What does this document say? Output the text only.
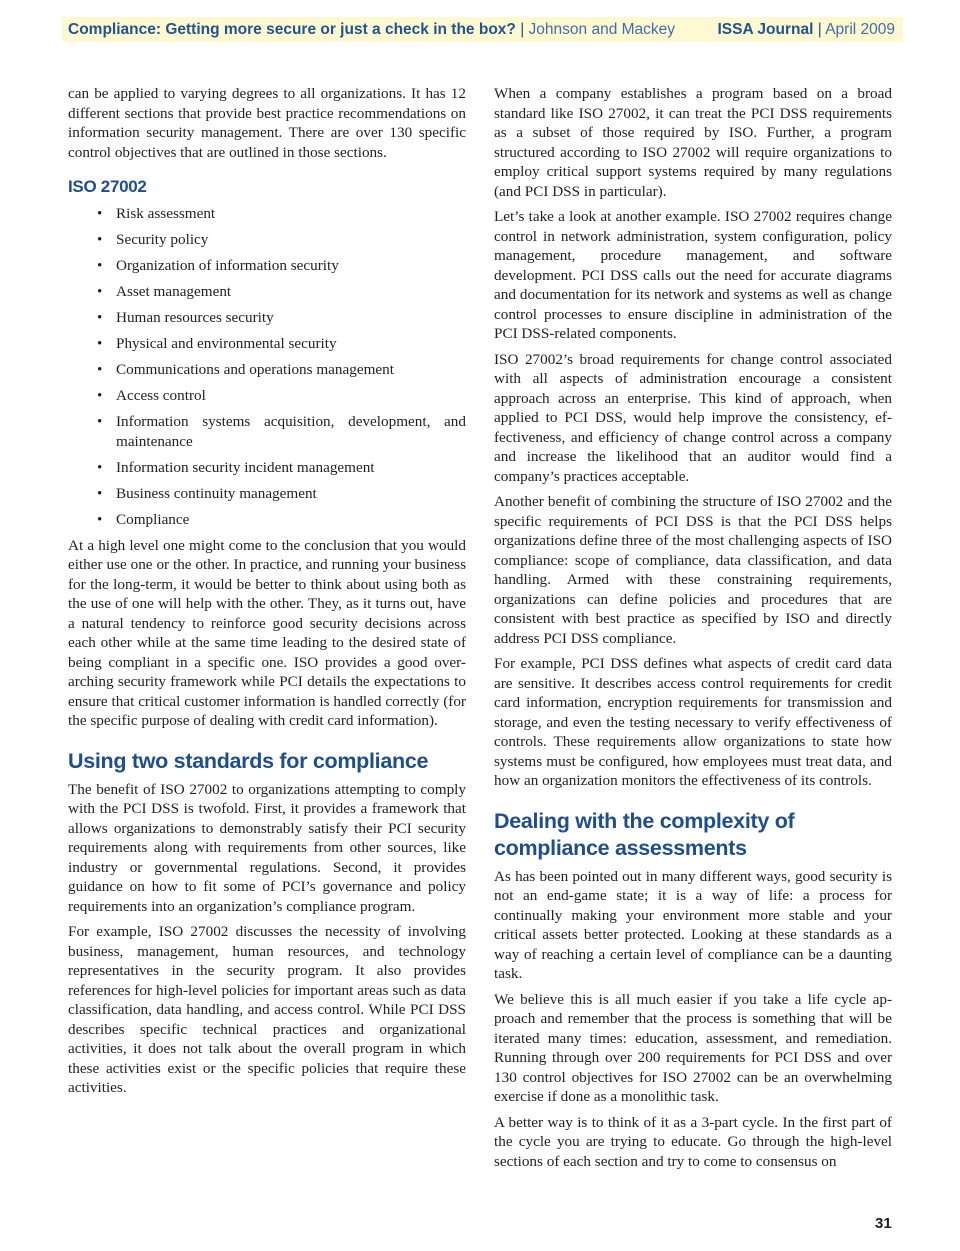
Compliance: Getting more secure or just a check in the box? | Johnson and Mackey	ISSA Journal | April 2009

can be applied to varying degrees to all organizations. It has 12 different sections that provide best practice recommendations on information security management. There are over 130 specific control objectives that are outlined in those sections.

ISO 27002
• Risk assessment
• Security policy
• Organization of information security
• Asset management
• Human resources security
• Physical and environmental security
• Communications and operations management
• Access control
• Information systems acquisition, development, and maintenance
• Information security incident management
• Business continuity management
• Compliance

At a high level one might come to the conclusion that you would either use one or the other. In practice, and running your business for the long-term, it would be better to think about using both as the use of one will help with the other. They, as it turns out, have a natural tendency to reinforce good security decisions across each other while at the same time leading to the desired state of being compliant in a specific one. ISO provides a good over-arching security framework while PCI details the expectations to ensure that critical customer information is handled correctly (for the specific purpose of dealing with credit card information).

Using two standards for compliance

The benefit of ISO 27002 to organizations attempting to comply with the PCI DSS is twofold. First, it provides a framework that allows organizations to demonstrably satisfy their PCI security requirements along with requirements from other sources, like industry or governmental regulations. Second, it provides guidance on how to fit some of PCI’s governance and policy requirements into an organization’s compliance program.

For example, ISO 27002 discusses the necessity of involving business, management, human resources, and technology representatives in the security program. It also provides references for high-level policies for important areas such as data classification, data handling, and access control. While PCI DSS describes specific technical practices and organizational activities, it does not talk about the overall program in which these activities exist or the specific policies that require these activities.

When a company establishes a program based on a broad standard like ISO 27002, it can treat the PCI DSS requirements as a subset of those required by ISO. Further, a program structured according to ISO 27002 will require organizations to employ critical support systems required by many regulations (and PCI DSS in particular).

Let’s take a look at another example. ISO 27002 requires change control in network administration, system configuration, policy management, procedure management, and software development. PCI DSS calls out the need for accurate diagrams and documentation for its network and systems as well as change control processes to ensure discipline in administration of the PCI DSS-related components.

ISO 27002’s broad requirements for change control associated with all aspects of administration encourage a consistent approach across an enterprise. This kind of approach, when applied to PCI DSS, would help improve the consistency, effectiveness, and efficiency of change control across a company and increase the likelihood that an auditor would find a company’s practices acceptable.

Another benefit of combining the structure of ISO 27002 and the specific requirements of PCI DSS is that the PCI DSS helps organizations define three of the most challenging aspects of ISO compliance: scope of compliance, data classification, and data handling. Armed with these constraining requirements, organizations can define policies and procedures that are consistent with best practice as specified by ISO and directly address PCI DSS compliance.

For example, PCI DSS defines what aspects of credit card data are sensitive. It describes access control requirements for credit card information, encryption requirements for transmission and storage, and even the testing necessary to verify effectiveness of controls. These requirements allow organizations to state how systems must be configured, how employees must treat data, and how an organization monitors the effectiveness of its controls.

Dealing with the complexity of compliance assessments

As has been pointed out in many different ways, good security is not an end-game state; it is a way of life: a process for continually making your environment more stable and your critical assets better protected. Looking at these standards as a way of reaching a certain level of compliance can be a daunting task.

We believe this is all much easier if you take a life cycle approach and remember that the process is something that will be iterated many times: education, assessment, and remediation. Running through over 200 requirements for PCI DSS and over 130 control objectives for ISO 27002 can be an overwhelming exercise if done as a monolithic task.

A better way is to think of it as a 3-part cycle. In the first part of the cycle you are trying to educate. Go through the high-level sections of each section and try to come to consensus on

31
